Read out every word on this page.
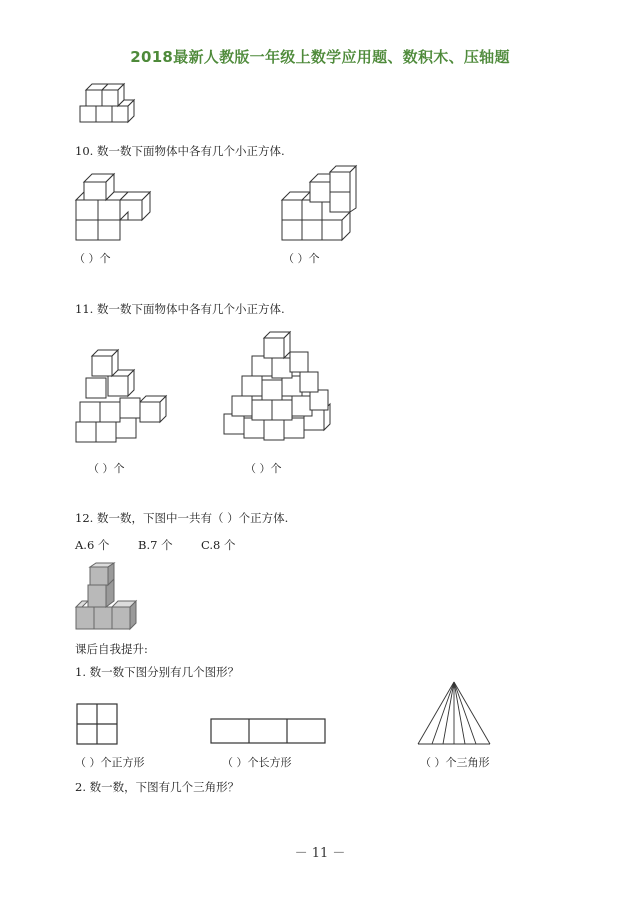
2018最新人教版一年级上数学应用题、数积木、压轴题
10. 数一数下面物体中各有几个小正方体.
（ ）个	（ ）个
11. 数一数下面物体中各有几个小正方体.
（ ）个	（ ）个
12. 数一数，下图中一共有（ ）个正方体.
A.6 个 B.7 个 C.8 个
课后自我提升:
1. 数一数下图分别有几个图形？
（ ）个正方形	（ ）个长方形	（ ）个三角形
2. 数一数，下图有几个三角形？
－ 11 －
